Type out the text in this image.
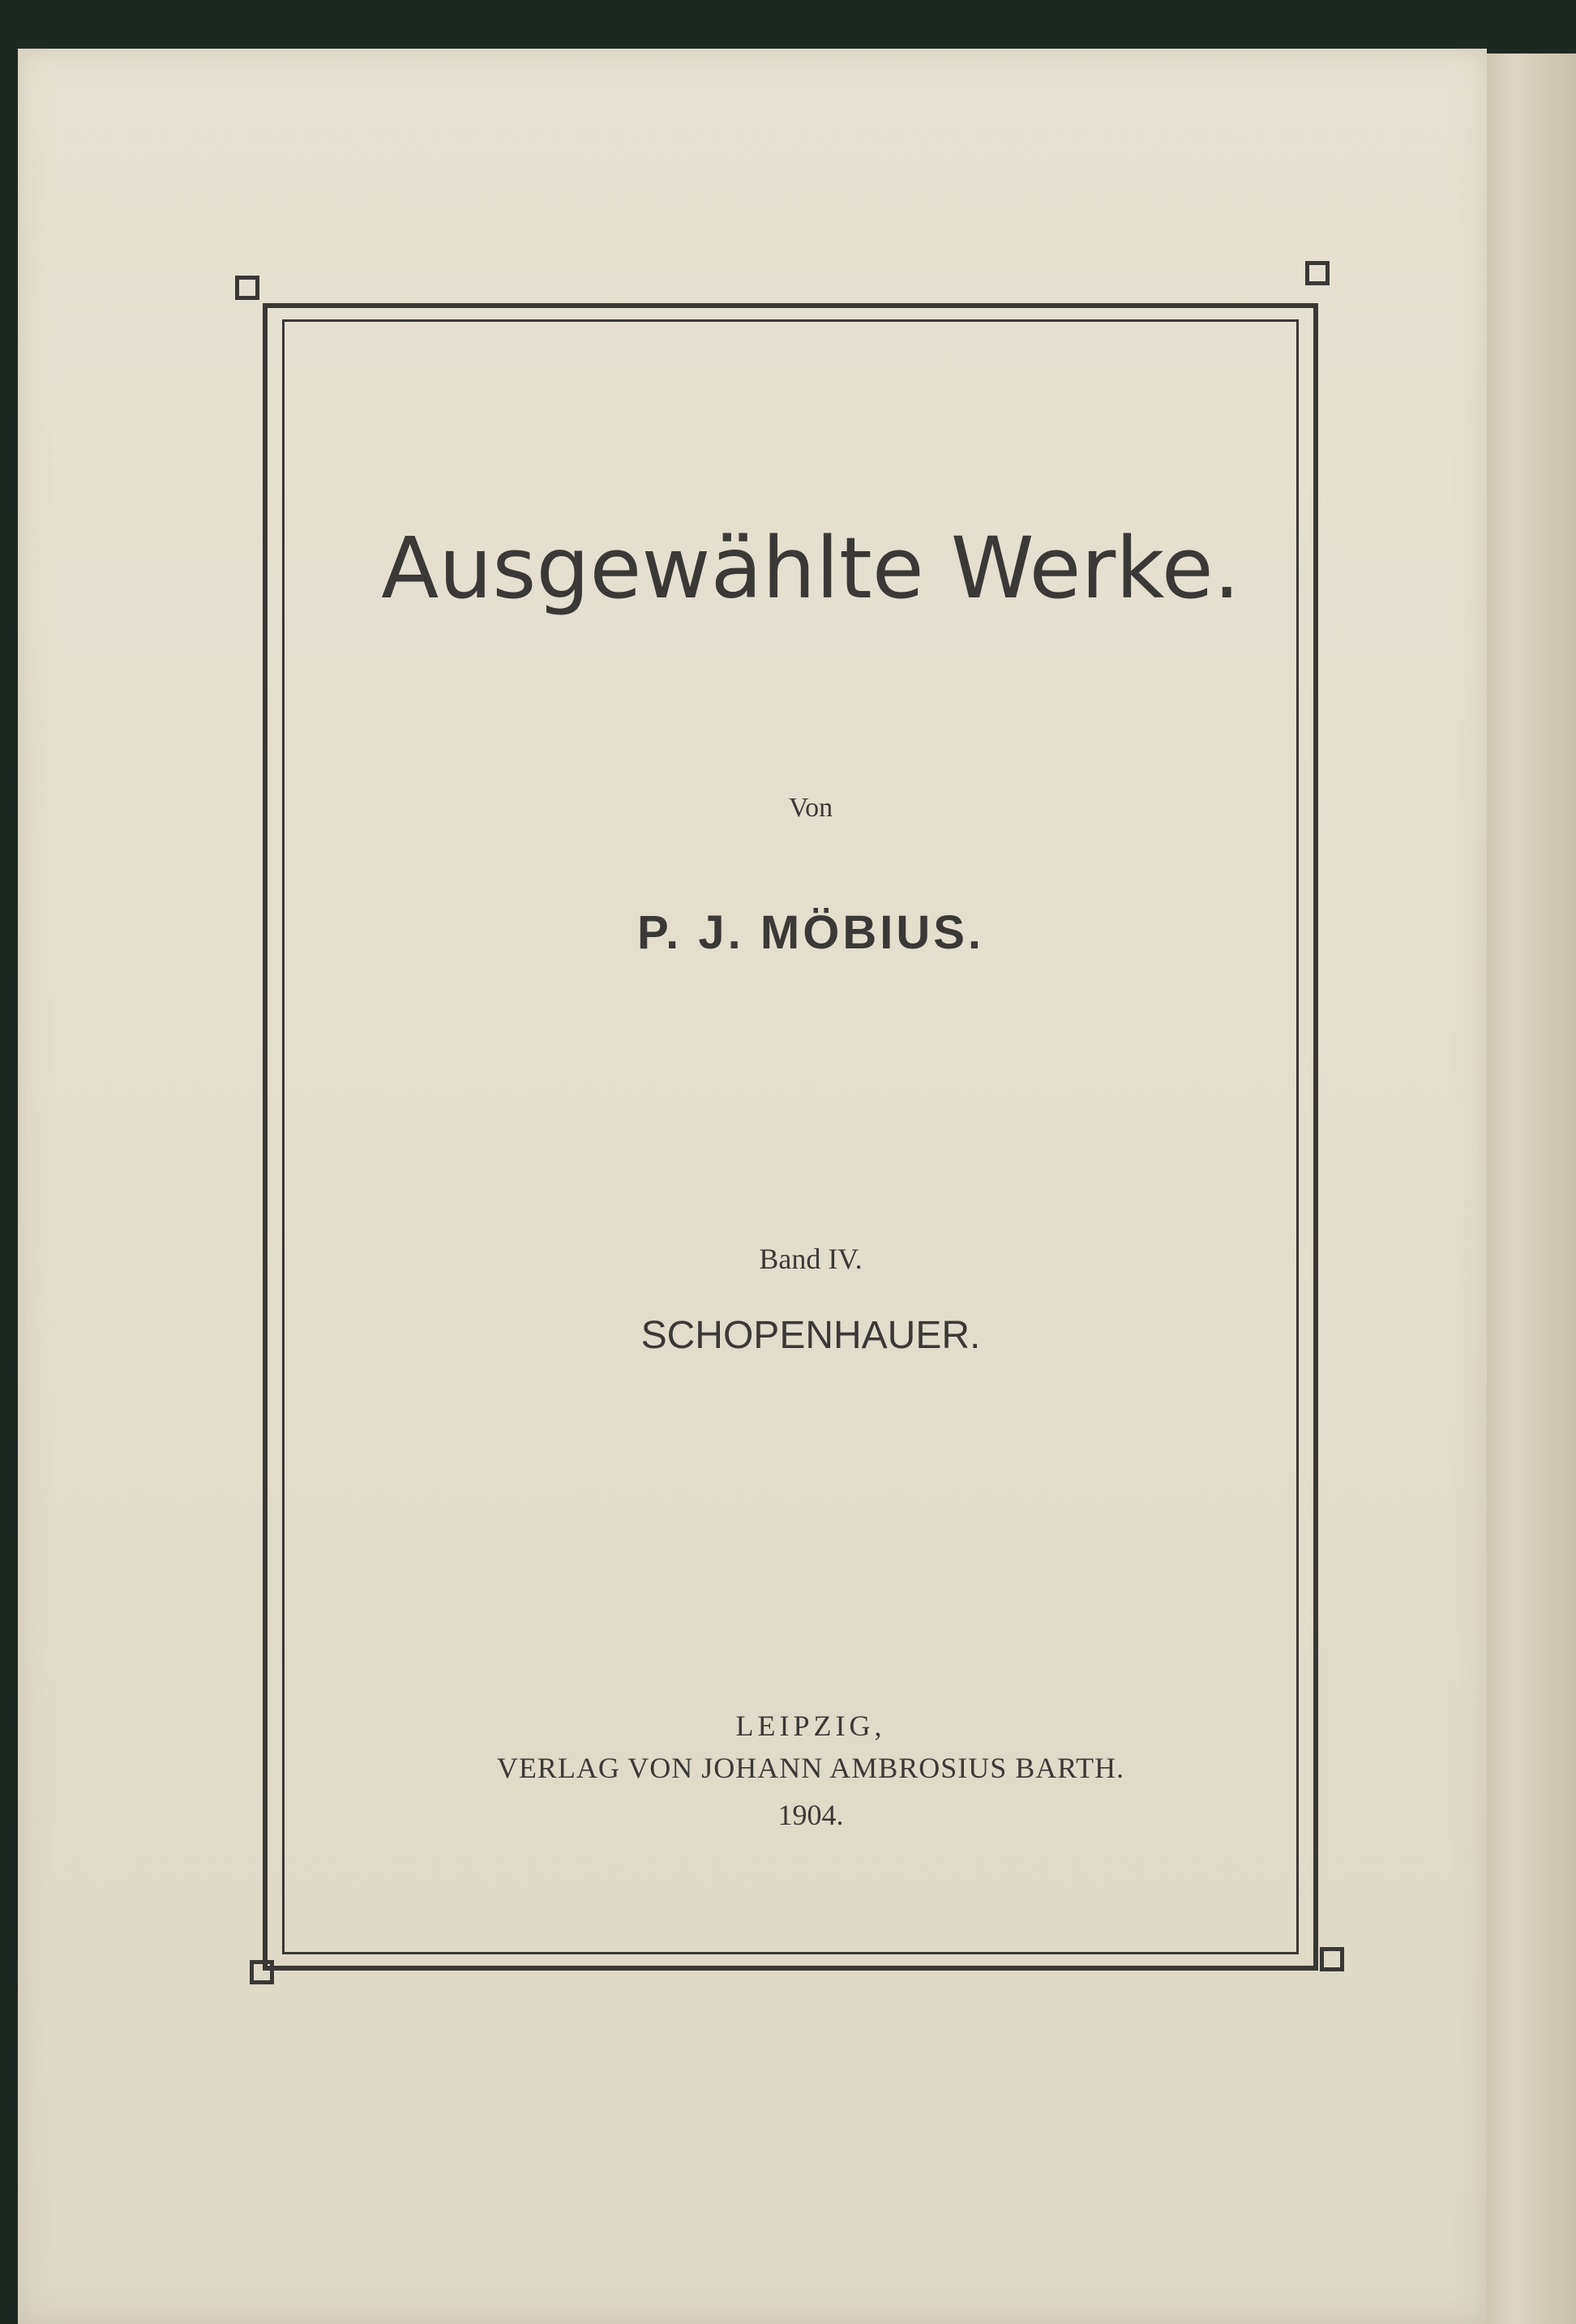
Ausgewählte Werke.
Von
P. J. MÖBIUS.
Band IV.
SCHOPENHAUER.
LEIPZIG,
VERLAG VON JOHANN AMBROSIUS BARTH.
1904.
